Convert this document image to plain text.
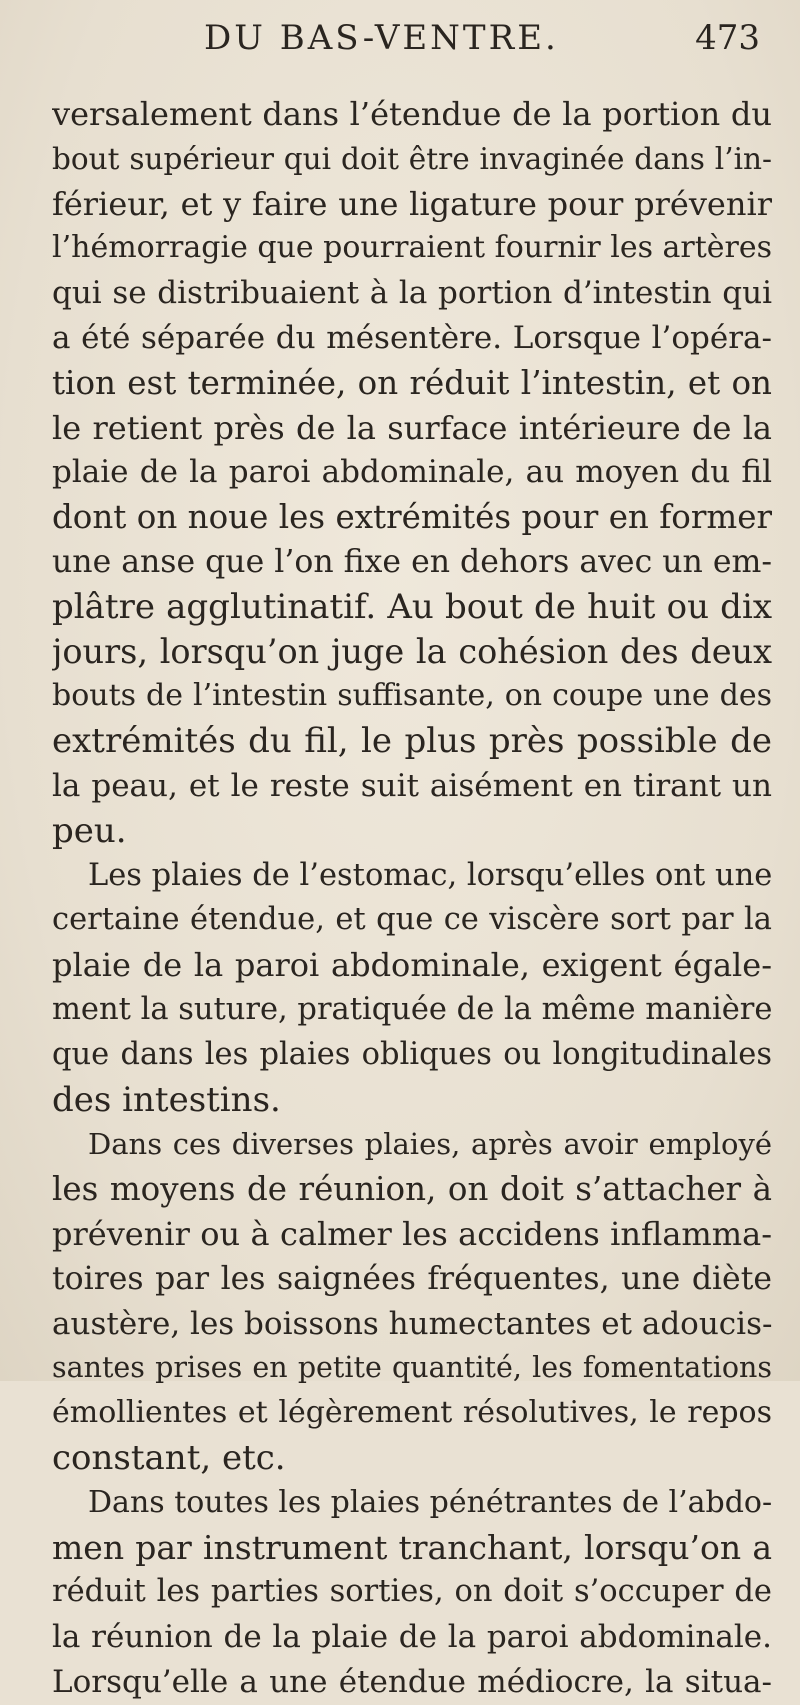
DU BAS-VENTRE.	473
versalement dans l’étendue de la portion du
bout supérieur qui doit être invaginée dans l’in-
férieur, et y faire une ligature pour prévenir
l’hémorragie que pourraient fournir les artères
qui se distribuaient à la portion d’intestin qui
a été séparée du mésentère. Lorsque l’opéra-
tion est terminée, on réduit l’intestin, et on
le retient près de la surface intérieure de la
plaie de la paroi abdominale, au moyen du fil
dont on noue les extrémités pour en former
une anse que l’on fixe en dehors avec un em-
plâtre agglutinatif. Au bout de huit ou dix
jours, lorsqu’on juge la cohésion des deux
bouts de l’intestin suffisante, on coupe une des
extrémités du fil, le plus près possible de
la peau, et le reste suit aisément en tirant un
peu.
Les plaies de l’estomac, lorsqu’elles ont une
certaine étendue, et que ce viscère sort par la
plaie de la paroi abdominale, exigent égale-
ment la suture, pratiquée de la même manière
que dans les plaies obliques ou longitudinales
des intestins.
Dans ces diverses plaies, après avoir employé
les moyens de réunion, on doit s’attacher à
prévenir ou à calmer les accidens inflamma-
toires par les saignées fréquentes, une diète
austère, les boissons humectantes et adoucis-
santes prises en petite quantité, les fomentations
émollientes et légèrement résolutives, le repos
constant, etc.
Dans toutes les plaies pénétrantes de l’abdo-
men par instrument tranchant, lorsqu’on a
réduit les parties sorties, on doit s’occuper de
la réunion de la plaie de la paroi abdominale.
Lorsqu’elle a une étendue médiocre, la situa-
